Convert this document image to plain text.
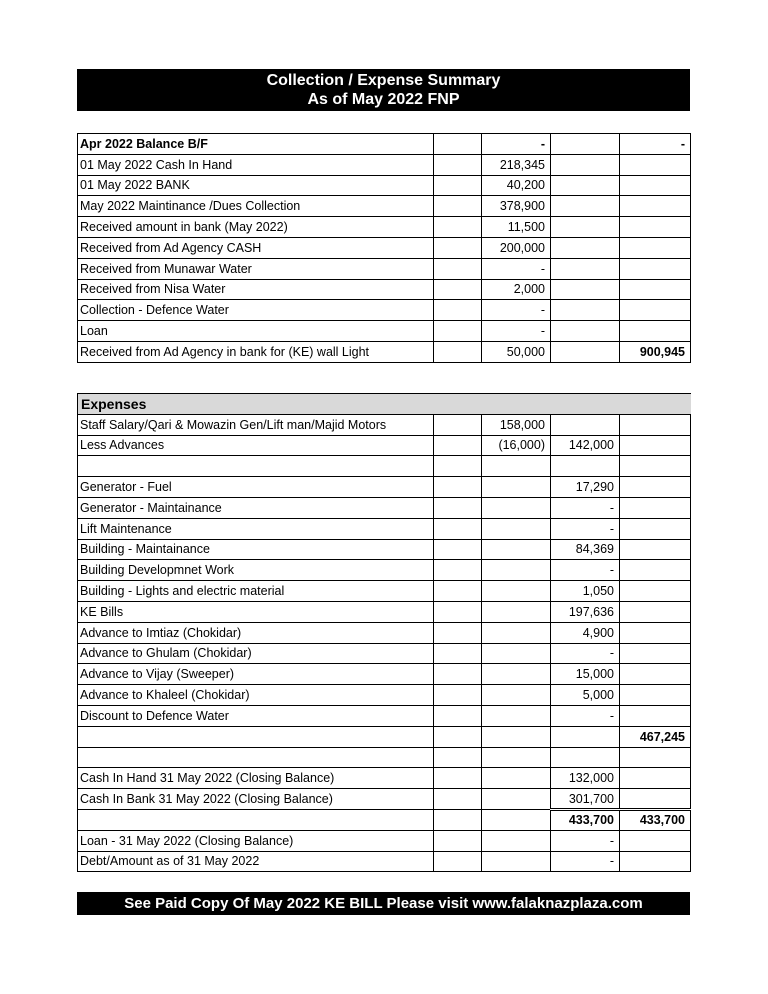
Collection / Expense Summary
As of May 2022 FNP
Apr 2022 Balance B/F		-		-
01 May 2022 Cash In Hand		218,345		
01 May 2022 BANK		40,200		
May 2022 Maintinance /Dues Collection		378,900		
Received amount in bank (May 2022)		11,500		
Received from Ad Agency CASH		200,000		
Received from Munawar Water		-		
Received from Nisa Water		2,000		
Collection - Defence Water		-		
Loan		-		
Received from Ad Agency in bank for (KE) wall Light		50,000		900,945
Expenses				
Staff Salary/Qari & Mowazin Gen/Lift man/Majid Motors		158,000		
Less Advances		(16,000)	142,000	

Generator - Fuel			17,290	
Generator - Maintainance			-	
Lift Maintenance			-	
Building - Maintainance			84,369	
Building Developmnet Work			-	
Building - Lights and electric material			1,050	
KE Bills			197,636	
Advance to Imtiaz (Chokidar)			4,900	
Advance to Ghulam (Chokidar)			-	
Advance to Vijay (Sweeper)			15,000	
Advance to Khaleel (Chokidar)			5,000	
Discount to Defence Water			-	
				467,245

Cash In Hand 31 May 2022 (Closing Balance)			132,000	
Cash In Bank 31 May 2022 (Closing Balance)			301,700	
			433,700	433,700
Loan - 31 May 2022 (Closing Balance)			-	
Debt/Amount as of 31 May 2022			-	
See Paid Copy Of May 2022 KE BILL Please visit www.falaknazplaza.com
